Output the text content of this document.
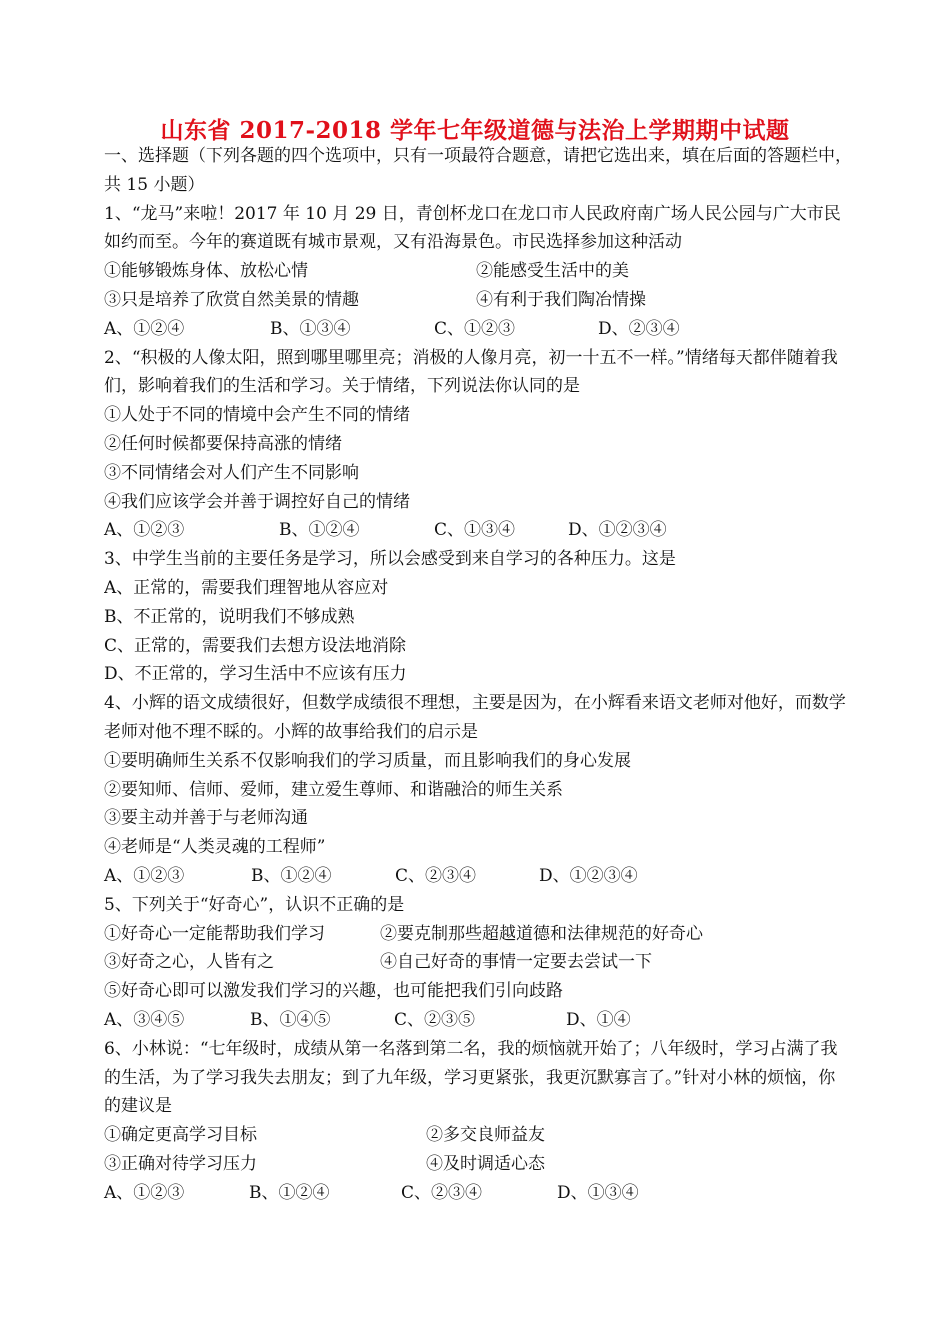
山东省 2017-2018 学年七年级道德与法治上学期期中试题
一、选择题（下列各题的四个选项中，只有一项最符合题意，请把它选出来，填在后面的答题栏中，共 15 小题）
1、“龙马”来啦！2017 年 10 月 29 日，青创杯龙口在龙口市人民政府南广场人民公园与广大市民如约而至。今年的赛道既有城市景观，又有沿海景色。市民选择参加这种活动
①能够锻炼身体、放松心情	②能感受生活中的美
③只是培养了欣赏自然美景的情趣	④有利于我们陶冶情操
A、①②④	B、①③④	C、①②③	D、②③④
2、“积极的人像太阳，照到哪里哪里亮；消极的人像月亮，初一十五不一样。”情绪每天都伴随着我们，影响着我们的生活和学习。关于情绪，下列说法你认同的是
①人处于不同的情境中会产生不同的情绪
②任何时候都要保持高涨的情绪
③不同情绪会对人们产生不同影响
④我们应该学会并善于调控好自己的情绪
A、①②③	B、①②④	C、①③④	D、①②③④
3、中学生当前的主要任务是学习，所以会感受到来自学习的各种压力。这是
A、正常的，需要我们理智地从容应对
B、不正常的，说明我们不够成熟
C、正常的，需要我们去想方设法地消除
D、不正常的，学习生活中不应该有压力
4、小辉的语文成绩很好，但数学成绩很不理想，主要是因为，在小辉看来语文老师对他好，而数学老师对他不理不睬的。小辉的故事给我们的启示是
①要明确师生关系不仅影响我们的学习质量，而且影响我们的身心发展
②要知师、信师、爱师，建立爱生尊师、和谐融洽的师生关系
③要主动并善于与老师沟通
④老师是“人类灵魂的工程师”
A、①②③	B、①②④	C、②③④	D、①②③④
5、下列关于“好奇心”，认识不正确的是
①好奇心一定能帮助我们学习	②要克制那些超越道德和法律规范的好奇心
③好奇之心，人皆有之	④自己好奇的事情一定要去尝试一下
⑤好奇心即可以激发我们学习的兴趣，也可能把我们引向歧路
A、③④⑤	B、①④⑤	C、②③⑤	D、①④
6、小林说：“七年级时，成绩从第一名落到第二名，我的烦恼就开始了；八年级时，学习占满了我的生活，为了学习我失去朋友；到了九年级，学习更紧张，我更沉默寡言了。”针对小林的烦恼，你的建议是
①确定更高学习目标	②多交良师益友
③正确对待学习压力	④及时调适心态
A、①②③	B、①②④	C、②③④	D、①③④
